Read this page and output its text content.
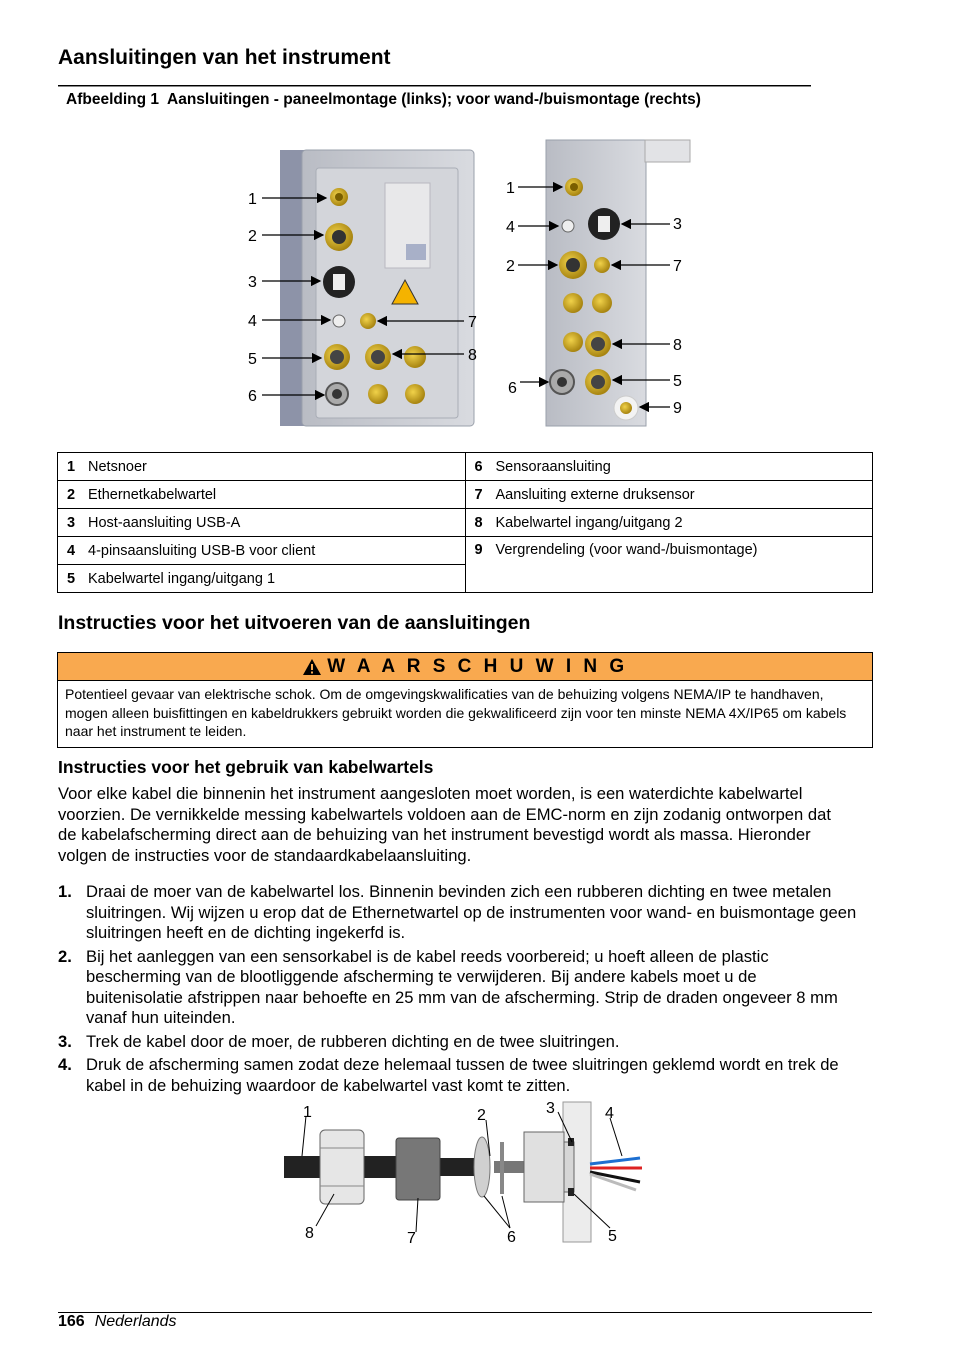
Aansluitingen van het instrument
Afbeelding 1 Aansluitingen - paneelmontage (links); voor wand-/buismontage (rechts)
1
2
3
4
5
6
7
8
1
4
2
6
3
7
8
5
9
1 Netsnoer	6 Sensoraansluiting
2 Ethernetkabelwartel	7 Aansluiting externe druksensor
3 Host-aansluiting USB-A	8 Kabelwartel ingang/uitgang 2
4 4-pinsaansluiting USB-B voor client	9 Vergrendeling (voor wand-/buismontage)
5 Kabelwartel ingang/uitgang 1	
Instructies voor het uitvoeren van de aansluitingen
W A A R S C H U W I N G
Potentieel gevaar van elektrische schok. Om de omgevingskwalificaties van de behuizing volgens NEMA/IP te handhaven, mogen alleen buisfittingen en kabeldrukkers gebruikt worden die gekwalificeerd zijn voor ten minste NEMA 4X/IP65 om kabels naar het instrument te leiden.
Instructies voor het gebruik van kabelwartels

Voor elke kabel die binnenin het instrument aangesloten moet worden, is een waterdichte kabelwartel voorzien. De vernikkelde messing kabelwartels voldoen aan de EMC-norm en zijn zodanig ontworpen dat de kabelafscherming direct aan de behuizing van het instrument bevestigd wordt als massa. Hieronder volgen de instructies voor de standaardkabelaansluiting.

1. Draai de moer van de kabelwartel los. Binnenin bevinden zich een rubberen dichting en twee metalen sluitringen. Wij wijzen u erop dat de Ethernetwartel op de instrumenten voor wand- en buismontage geen sluitringen heeft en de dichting ingekerfd is.
2. Bij het aanleggen van een sensorkabel is de kabel reeds voorbereid; u hoeft alleen de plastic bescherming van de blootliggende afscherming te verwijderen. Bij andere kabels moet u de buitenisolatie afstrippen naar behoefte en 25 mm van de afscherming. Strip de draden ongeveer 8 mm vanaf hun uiteinden.
3. Trek de kabel door de moer, de rubberen dichting en de twee sluitringen.
4. Druk de afscherming samen zodat deze helemaal tussen de twee sluitringen geklemd wordt en trek de kabel in de behuizing waardoor de kabelwartel vast komt te zitten.
1	2	3	4
8	7	6	5
166 Nederlands
